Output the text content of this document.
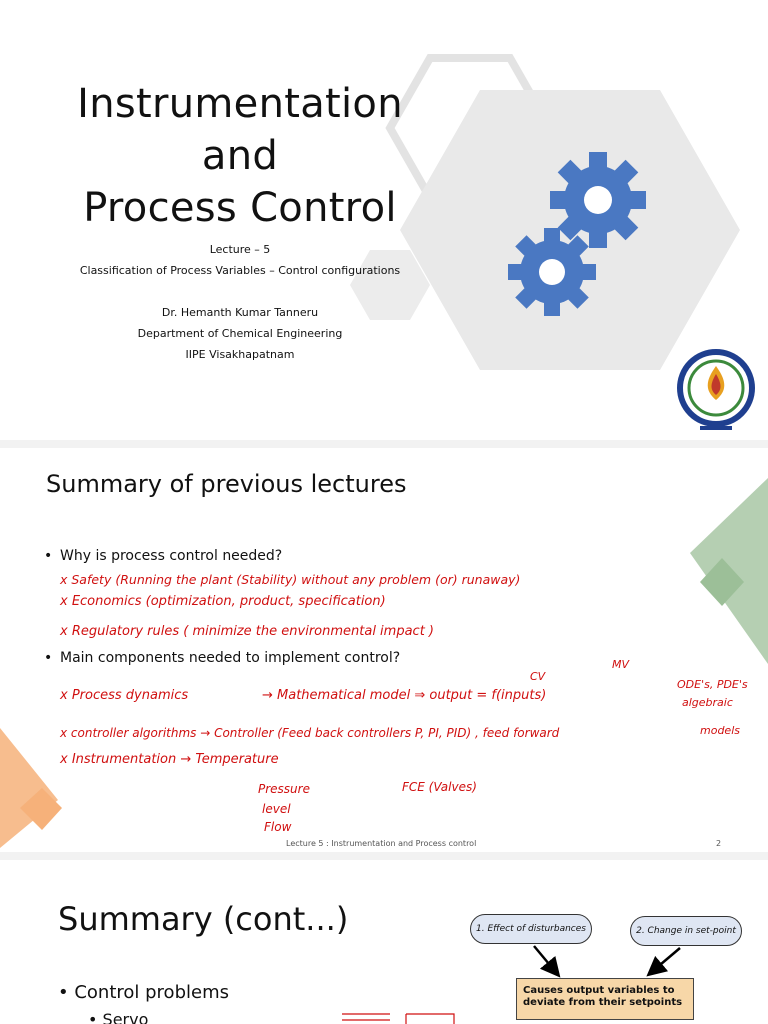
Instrumentation
and
Process Control
Lecture – 5
Classification of Process Variables – Control configurations
Dr. Hemanth Kumar Tanneru
Department of Chemical Engineering
IIPE Visakhapatnam
Summary of previous lectures
• Why is process control needed?
x Safety (Running the plant (Stability) without any problem (or) runaway)
x Economics (optimization, product, specification)
x Regulatory rules ( minimize the environmental impact )
• Main components needed to implement control?
CV
MV
x Process dynamics	→ Mathematical model ⇒ output = f(inputs)
ODE's, PDE's
algebraic
models
x controller algorithms → Controller (Feed back controllers P, PI, PID) , feed forward
x Instrumentation → Temperature
Pressure	FCE (Valves)
level
Flow
Lecture 5 : Instrumentation and Process control	2
Summary (cont...)
• Control problems
• Servo
1. Effect of disturbances	2. Change in set-point
Causes output variables to deviate from their setpoints
